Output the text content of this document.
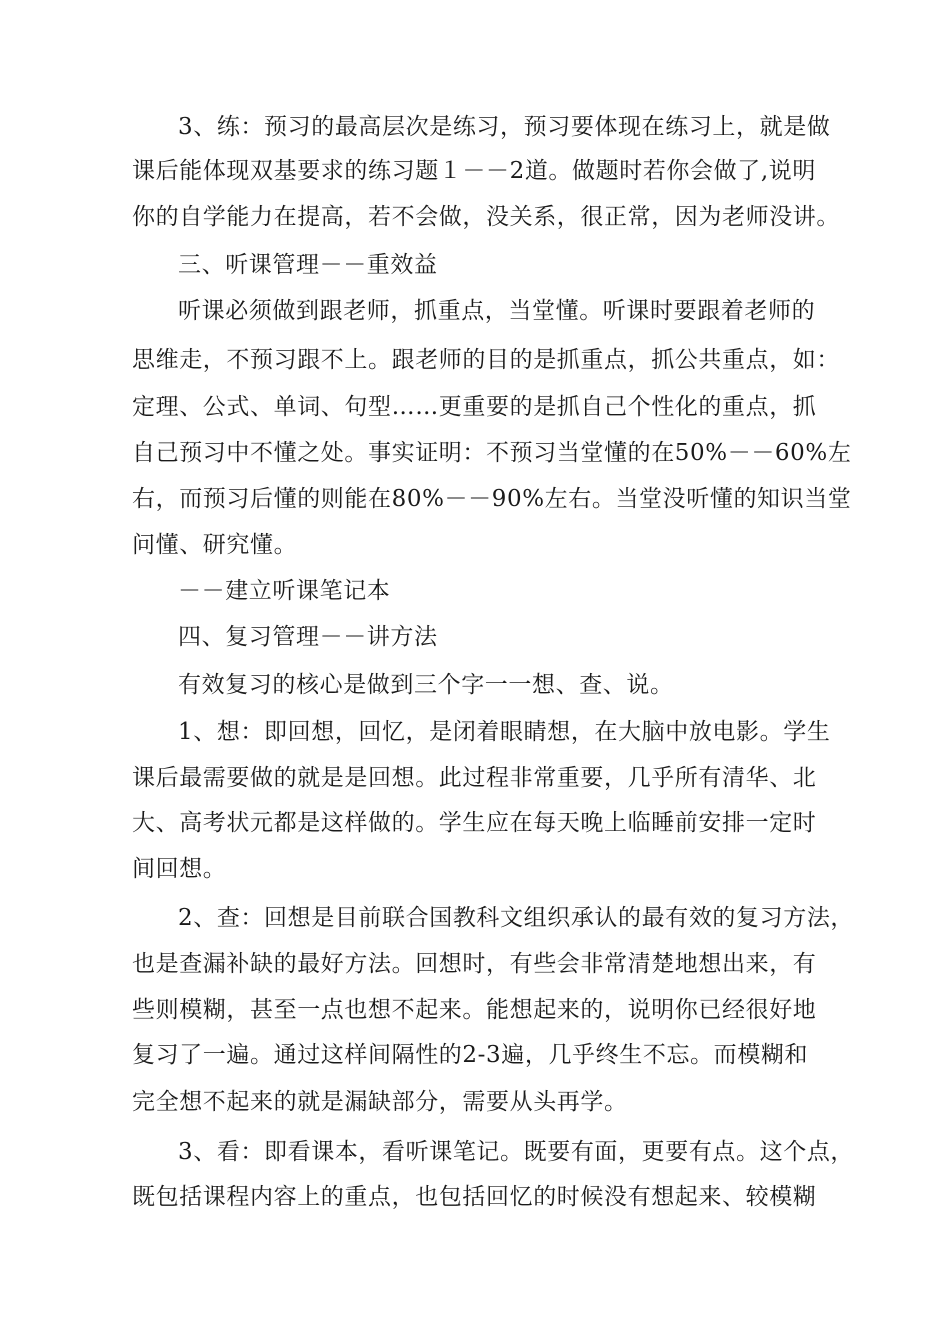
3、练：预习的最高层次是练习，预习要体现在练习上，就是做
课后能体现双基要求的练习题１－－2道。做题时若你会做了,说明
你的自学能力在提高，若不会做，没关系，很正常，因为老师没讲。
三、听课管理－－重效益
听课必须做到跟老师，抓重点，当堂懂。听课时要跟着老师的
思维走，不预习跟不上。跟老师的目的是抓重点，抓公共重点，如：
定理、公式、单词、句型……更重要的是抓自己个性化的重点，抓
自己预习中不懂之处。事实证明：不预习当堂懂的在50%－－60%左
右，而预习后懂的则能在80%－－90%左右。当堂没听懂的知识当堂
问懂、研究懂。
－－建立听课笔记本
四、复习管理－－讲方法
有效复习的核心是做到三个字一一想、查、说。
1、想：即回想，回忆，是闭着眼睛想，在大脑中放电影。学生
课后最需要做的就是是回想。此过程非常重要，几乎所有清华、北
大、高考状元都是这样做的。学生应在每天晚上临睡前安排一定时
间回想。
2、查：回想是目前联合国教科文组织承认的最有效的复习方法，
也是查漏补缺的最好方法。回想时，有些会非常清楚地想出来，有
些则模糊，甚至一点也想不起来。能想起来的，说明你已经很好地
复习了一遍。通过这样间隔性的2-3遍，几乎终生不忘。而模糊和
完全想不起来的就是漏缺部分，需要从头再学。
3、看：即看课本，看听课笔记。既要有面，更要有点。这个点，
既包括课程内容上的重点，也包括回忆的时候没有想起来、较模糊
